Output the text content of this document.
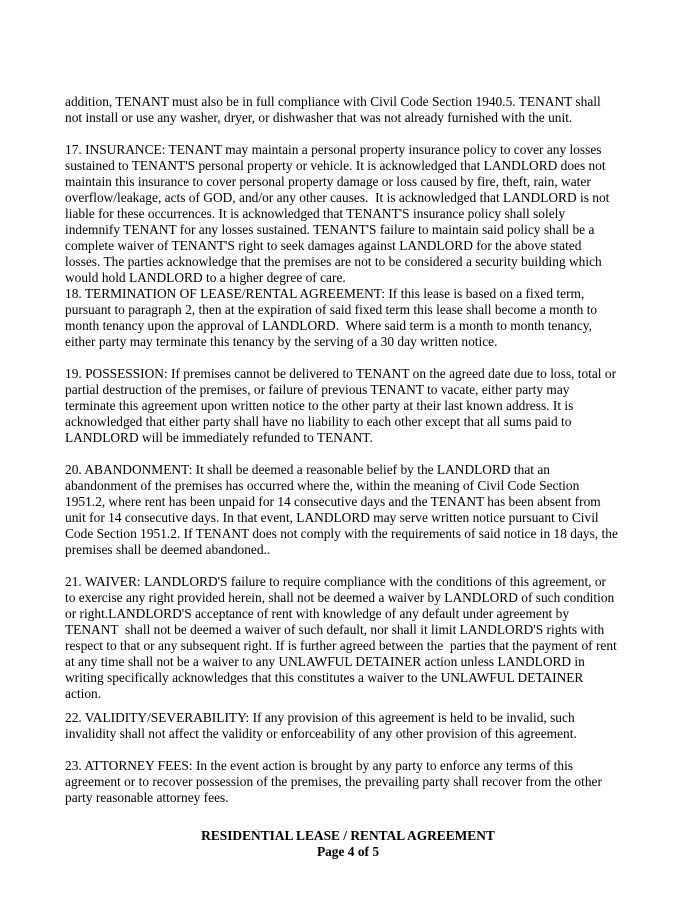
addition, TENANT must also be in full compliance with Civil Code Section 1940.5. TENANT shall
not install or use any washer, dryer, or dishwasher that was not already furnished with the unit.
17. INSURANCE: TENANT may maintain a personal property insurance policy to cover any losses
sustained to TENANT'S personal property or vehicle. It is acknowledged that LANDLORD does not
maintain this insurance to cover personal property damage or loss caused by fire, theft, rain, water
overflow/leakage, acts of GOD, and/or any other causes.  It is acknowledged that LANDLORD is not
liable for these occurrences. It is acknowledged that TENANT'S insurance policy shall solely
indemnify TENANT for any losses sustained. TENANT'S failure to maintain said policy shall be a
complete waiver of TENANT'S right to seek damages against LANDLORD for the above stated
losses. The parties acknowledge that the premises are not to be considered a security building which
would hold LANDLORD to a higher degree of care.
18. TERMINATION OF LEASE/RENTAL AGREEMENT: If this lease is based on a fixed term,
pursuant to paragraph 2, then at the expiration of said fixed term this lease shall become a month to
month tenancy upon the approval of LANDLORD.  Where said term is a month to month tenancy,
either party may terminate this tenancy by the serving of a 30 day written notice.
19. POSSESSION: If premises cannot be delivered to TENANT on the agreed date due to loss, total or
partial destruction of the premises, or failure of previous TENANT to vacate, either party may
terminate this agreement upon written notice to the other party at their last known address. It is
acknowledged that either party shall have no liability to each other except that all sums paid to
LANDLORD will be immediately refunded to TENANT.
20. ABANDONMENT: It shall be deemed a reasonable belief by the LANDLORD that an
abandonment of the premises has occurred where the, within the meaning of Civil Code Section
1951.2, where rent has been unpaid for 14 consecutive days and the TENANT has been absent from
unit for 14 consecutive days. In that event, LANDLORD may serve written notice pursuant to Civil
Code Section 1951.2. If TENANT does not comply with the requirements of said notice in 18 days, the
premises shall be deemed abandoned..
21. WAIVER: LANDLORD'S failure to require compliance with the conditions of this agreement, or
to exercise any right provided herein, shall not be deemed a waiver by LANDLORD of such condition
or right.LANDLORD'S acceptance of rent with knowledge of any default under agreement by
TENANT  shall not be deemed a waiver of such default, nor shall it limit LANDLORD'S rights with
respect to that or any subsequent right. If is further agreed between the  parties that the payment of rent
at any time shall not be a waiver to any UNLAWFUL DETAINER action unless LANDLORD in
writing specifically acknowledges that this constitutes a waiver to the UNLAWFUL DETAINER
action.
22. VALIDITY/SEVERABILITY: If any provision of this agreement is held to be invalid, such
invalidity shall not affect the validity or enforceability of any other provision of this agreement.
23. ATTORNEY FEES: In the event action is brought by any party to enforce any terms of this
agreement or to recover possession of the premises, the prevailing party shall recover from the other
party reasonable attorney fees.
RESIDENTIAL LEASE / RENTAL AGREEMENT
Page 4 of 5
